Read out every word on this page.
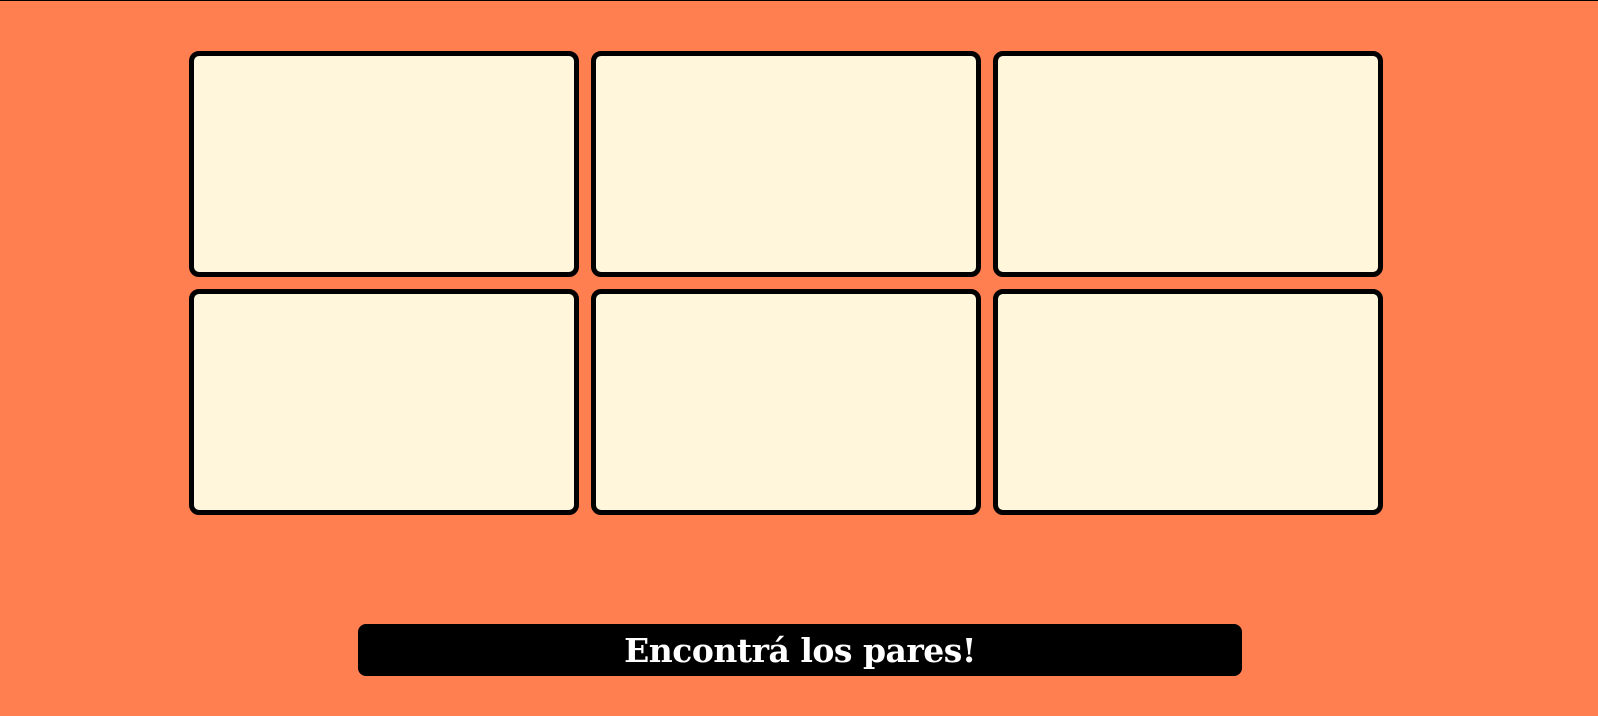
Encontrá los pares!
